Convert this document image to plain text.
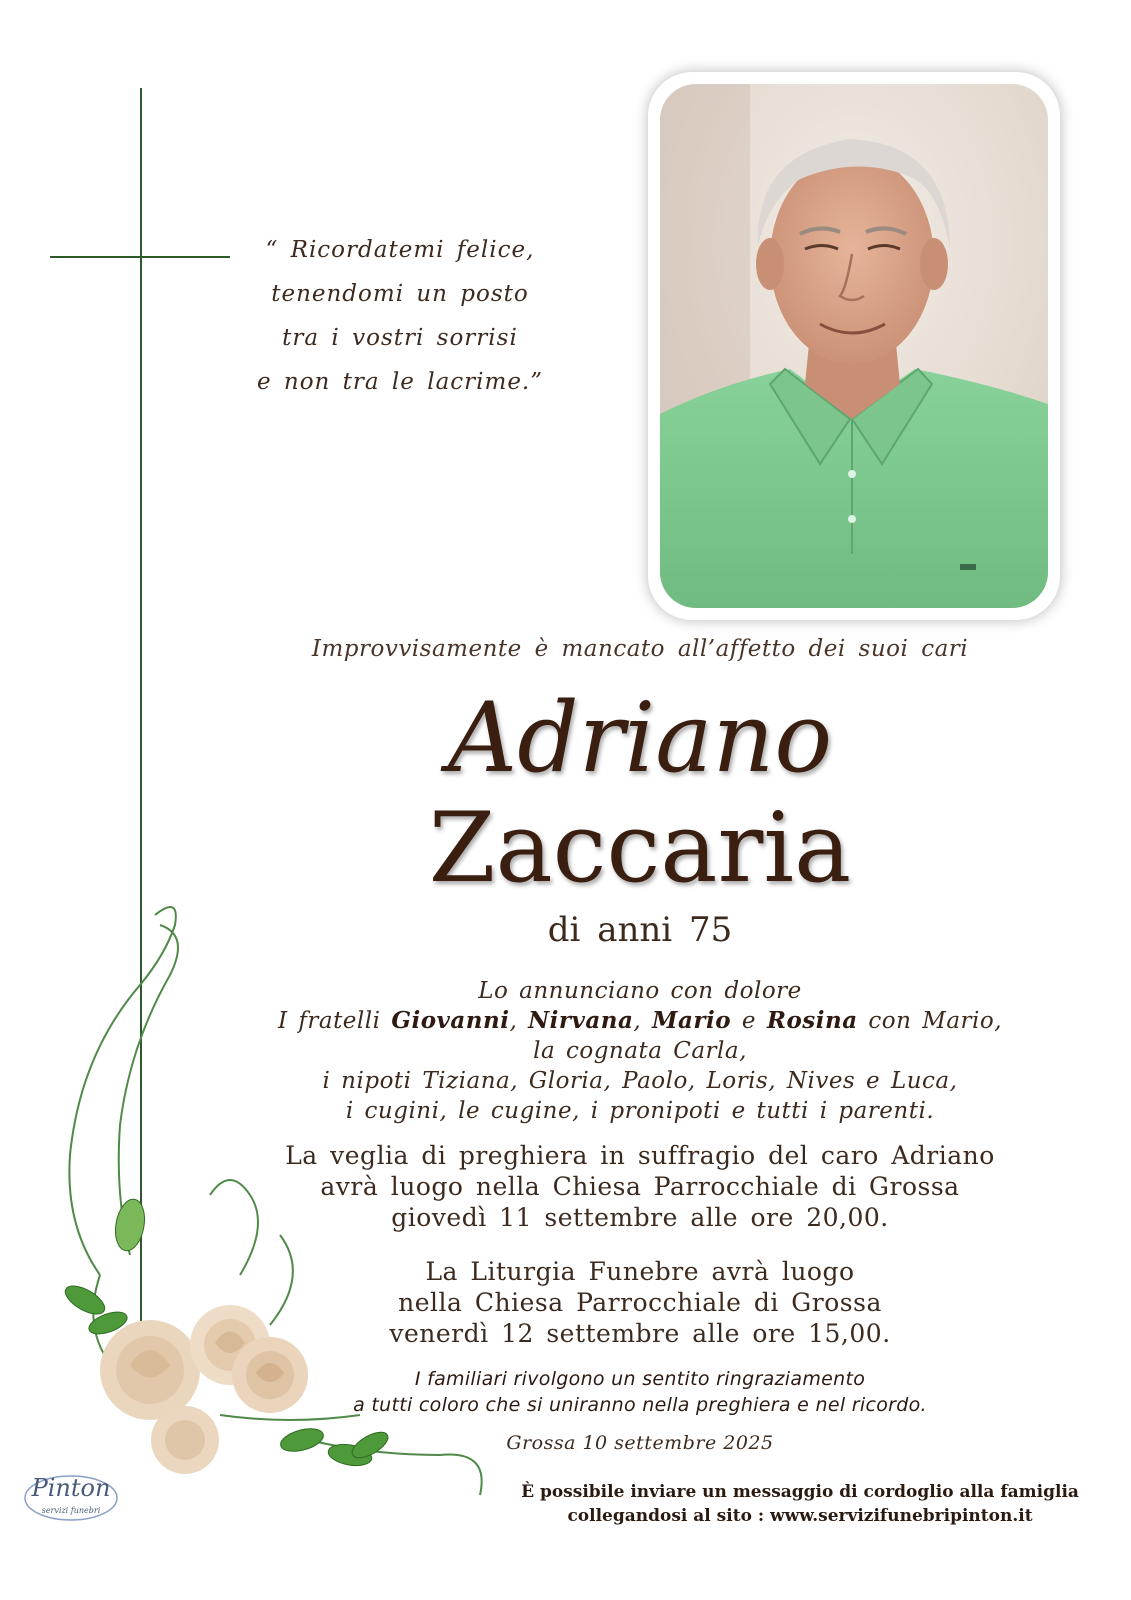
“ Ricordatemi felice,
tenendomi un posto
tra i vostri sorrisi
e non tra le lacrime.”
Improvvisamente è mancato all’affetto dei suoi cari
Adriano
Zaccaria
di anni 75
Lo annunciano con dolore
I fratelli Giovanni, Nirvana, Mario e Rosina con Mario,
la cognata Carla,
i nipoti Tiziana, Gloria, Paolo, Loris, Nives e Luca,
i cugini, le cugine, i pronipoti e tutti i parenti.
La veglia di preghiera in suffragio del caro Adriano
avrà luogo nella Chiesa Parrocchiale di Grossa
giovedì 11 settembre alle ore 20,00.
La Liturgia Funebre avrà luogo
nella Chiesa Parrocchiale di Grossa
venerdì 12 settembre alle ore 15,00.
I familiari rivolgono un sentito ringraziamento
a tutti coloro che si uniranno nella preghiera e nel ricordo.
Grossa 10 settembre 2025
È possibile inviare un messaggio di cordoglio alla famiglia
collegandosi al sito : www.servizifunebripinton.it
Pinton
servizi funebri
